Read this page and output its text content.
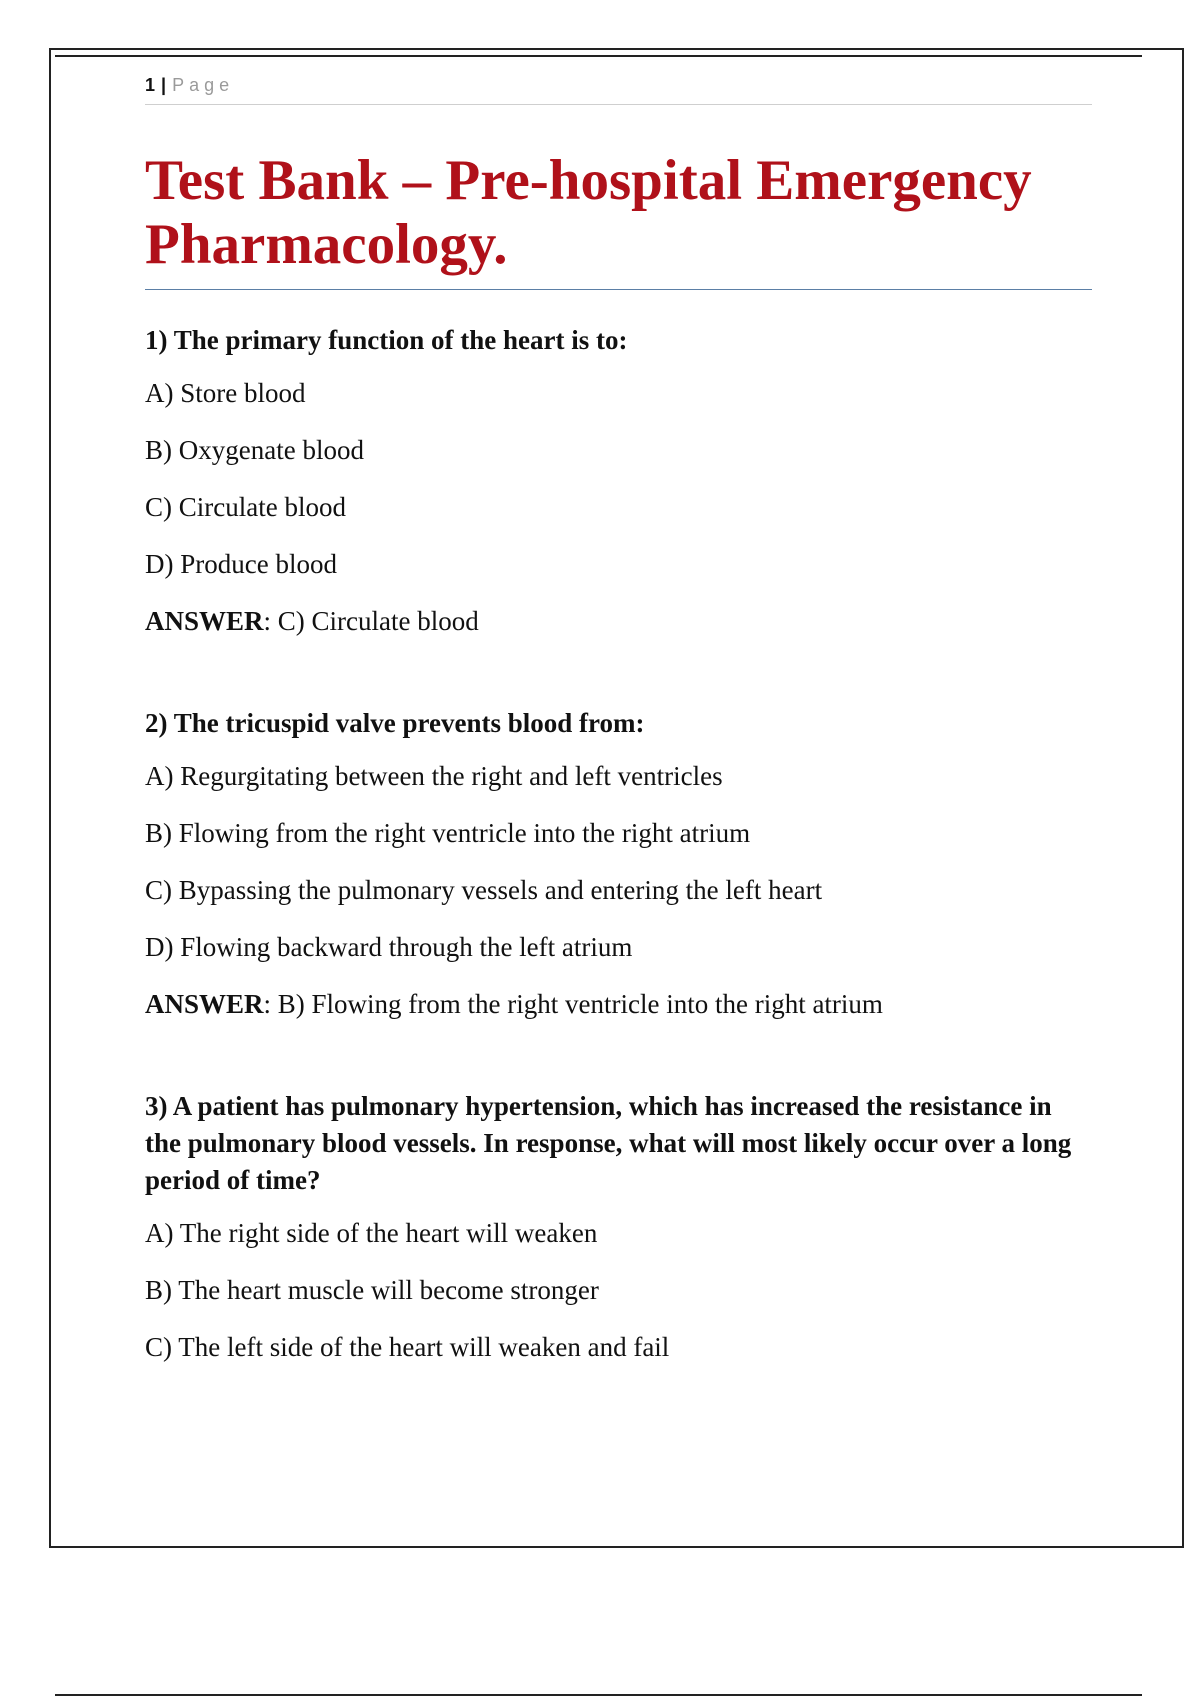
1 | Page
Test Bank – Pre-hospital Emergency Pharmacology.

1) The primary function of the heart is to:

A) Store blood

B) Oxygenate blood

C) Circulate blood

D) Produce blood

ANSWER: C) Circulate blood

2) The tricuspid valve prevents blood from:

A) Regurgitating between the right and left ventricles

B) Flowing from the right ventricle into the right atrium

C) Bypassing the pulmonary vessels and entering the left heart

D) Flowing backward through the left atrium

ANSWER: B) Flowing from the right ventricle into the right atrium

3) A patient has pulmonary hypertension, which has increased the resistance in the pulmonary blood vessels. In response, what will most likely occur over a long period of time?

A) The right side of the heart will weaken

B) The heart muscle will become stronger

C) The left side of the heart will weaken and fail
